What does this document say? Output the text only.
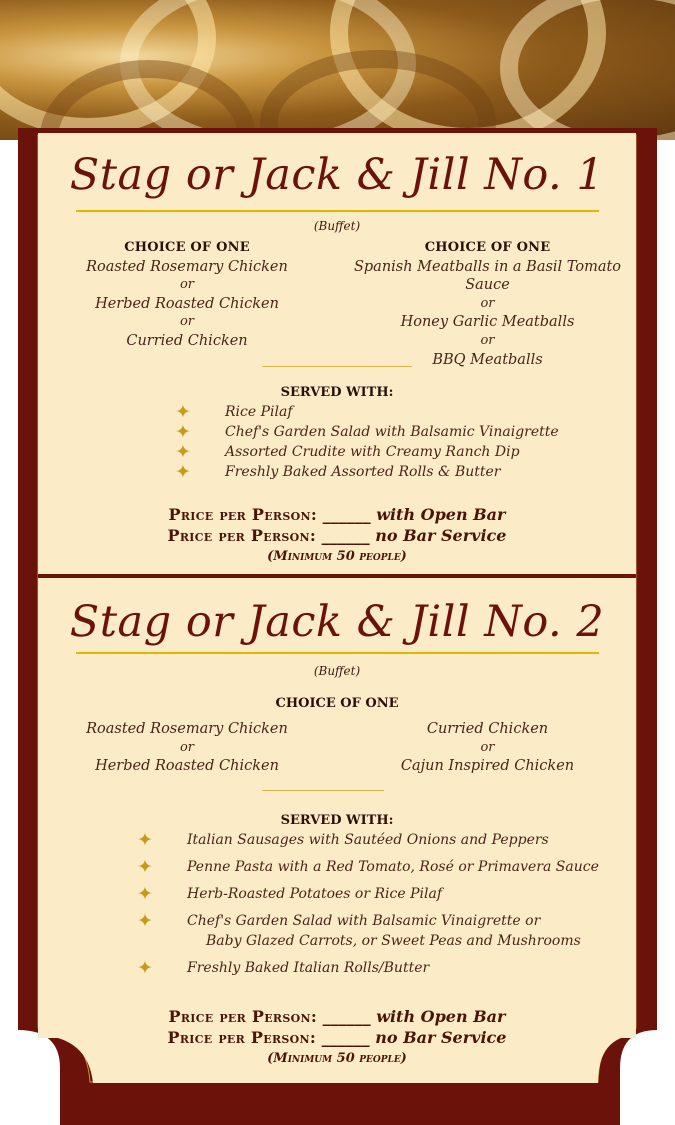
Stag or Jack & Jill No. 1
(Buffet)
CHOICE OF ONE
Roasted Rosemary Chicken
or
Herbed Roasted Chicken
or
Curried Chicken
CHOICE OF ONE
Spanish Meatballs in a Basil Tomato Sauce
or
Honey Garlic Meatballs
or
BBQ Meatballs
SERVED WITH:
✦ Rice Pilaf
✦ Chef's Garden Salad with Balsamic Vinaigrette
✦ Assorted Crudite with Creamy Ranch Dip
✦ Freshly Baked Assorted Rolls & Butter
Price per Person: ______ with Open Bar
Price per Person: ______ no Bar Service
(Minimum 50 people)
Stag or Jack & Jill No. 2
(Buffet)
CHOICE OF ONE
Roasted Rosemary Chicken
or
Herbed Roasted Chicken
Curried Chicken
or
Cajun Inspired Chicken
SERVED WITH:
✦ Italian Sausages with Sautéed Onions and Peppers
✦ Penne Pasta with a Red Tomato, Rosé or Primavera Sauce
✦ Herb-Roasted Potatoes or Rice Pilaf
✦ Chef's Garden Salad with Balsamic Vinaigrette or
Baby Glazed Carrots, or Sweet Peas and Mushrooms
✦ Freshly Baked Italian Rolls/Butter
Price per Person: ______ with Open Bar
Price per Person: ______ no Bar Service
(Minimum 50 people)
